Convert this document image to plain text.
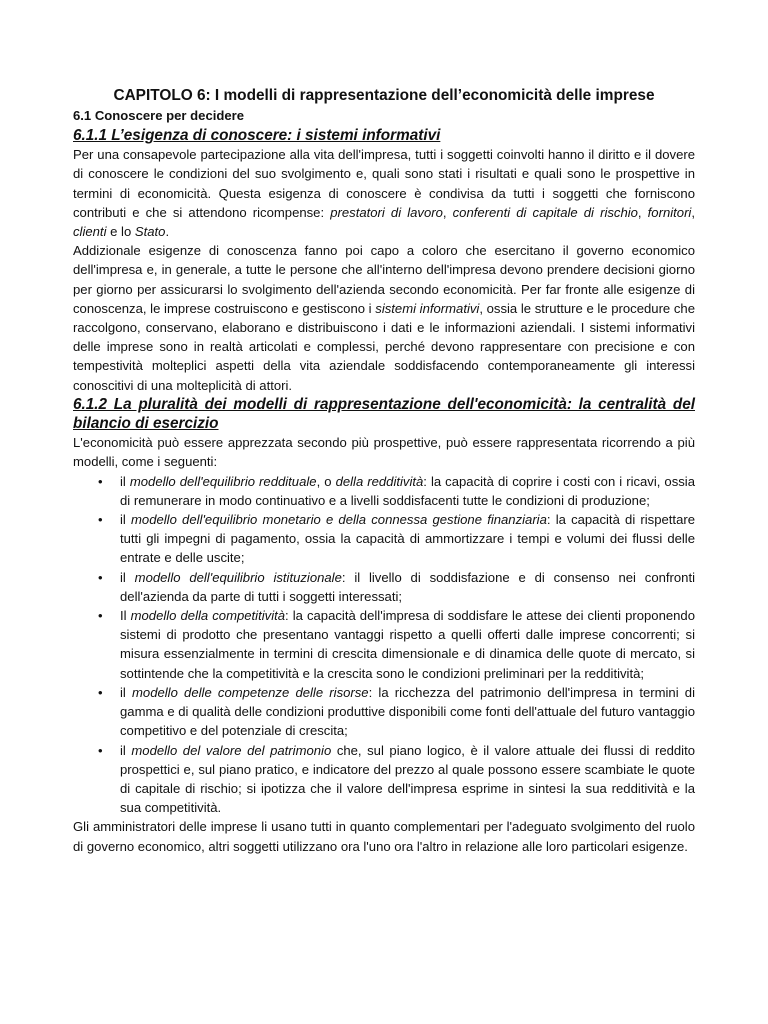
CAPITOLO 6: I modelli di rappresentazione dell’economicità delle imprese
6.1 Conoscere per decidere
6.1.1 L’esigenza di conoscere: i sistemi informativi

Per una consapevole partecipazione alla vita dell'impresa, tutti i soggetti coinvolti hanno il diritto e il dovere di conoscere le condizioni del suo svolgimento e, quali sono stati i risultati e quali sono le prospettive in termini di economicità. Questa esigenza di conoscere è condivisa da tutti i soggetti che forniscono contributi e che si attendono ricompense: prestatori di lavoro, conferenti di capitale di rischio, fornitori, clienti e lo Stato.

Addizionale esigenze di conoscenza fanno poi capo a coloro che esercitano il governo economico dell'impresa e, in generale, a tutte le persone che all'interno dell'impresa devono prendere decisioni giorno per giorno per assicurarsi lo svolgimento dell'azienda secondo economicità. Per far fronte alle esigenze di conoscenza, le imprese costruiscono e gestiscono i sistemi informativi, ossia le strutture e le procedure che raccolgono, conservano, elaborano e distribuiscono i dati e le informazioni aziendali. I sistemi informativi delle imprese sono in realtà articolati e complessi, perché devono rappresentare con precisione e con tempestività molteplici aspetti della vita aziendale soddisfacendo contemporaneamente gli interessi conoscitivi di una molteplicità di attori.

6.1.2 La pluralità dei modelli di rappresentazione dell'economicità: la centralità del bilancio di esercizio

L'economicità può essere apprezzata secondo più prospettive, può essere rappresentata ricorrendo a più modelli, come i seguenti:

• il modello dell'equilibrio reddituale, o della redditività: la capacità di coprire i costi con i ricavi, ossia di remunerare in modo continuativo e a livelli soddisfacenti tutte le condizioni di produzione;
• il modello dell'equilibrio monetario e della connessa gestione finanziaria: la capacità di rispettare tutti gli impegni di pagamento, ossia la capacità di ammortizzare i tempi e volumi dei flussi delle entrate e delle uscite;
• il modello dell'equilibrio istituzionale: il livello di soddisfazione e di consenso nei confronti dell'azienda da parte di tutti i soggetti interessati;
• Il modello della competitività: la capacità dell'impresa di soddisfare le attese dei clienti proponendo sistemi di prodotto che presentano vantaggi rispetto a quelli offerti dalle imprese concorrenti; si misura essenzialmente in termini di crescita dimensionale e di dinamica delle quote di mercato, si sottintende che la competitività e la crescita sono le condizioni preliminari per la redditività;
• il modello delle competenze delle risorse: la ricchezza del patrimonio dell'impresa in termini di gamma e di qualità delle condizioni produttive disponibili come fonti dell'attuale del futuro vantaggio competitivo e del potenziale di crescita;
• il modello del valore del patrimonio che, sul piano logico, è il valore attuale dei flussi di reddito prospettici e, sul piano pratico, e indicatore del prezzo al quale possono essere scambiate le quote di capitale di rischio; si ipotizza che il valore dell'impresa esprime in sintesi la sua redditività e la sua competitività.

Gli amministratori delle imprese li usano tutti in quanto complementari per l'adeguato svolgimento del ruolo di governo economico, altri soggetti utilizzano ora l'uno ora l'altro in relazione alle loro particolari esigenze.
